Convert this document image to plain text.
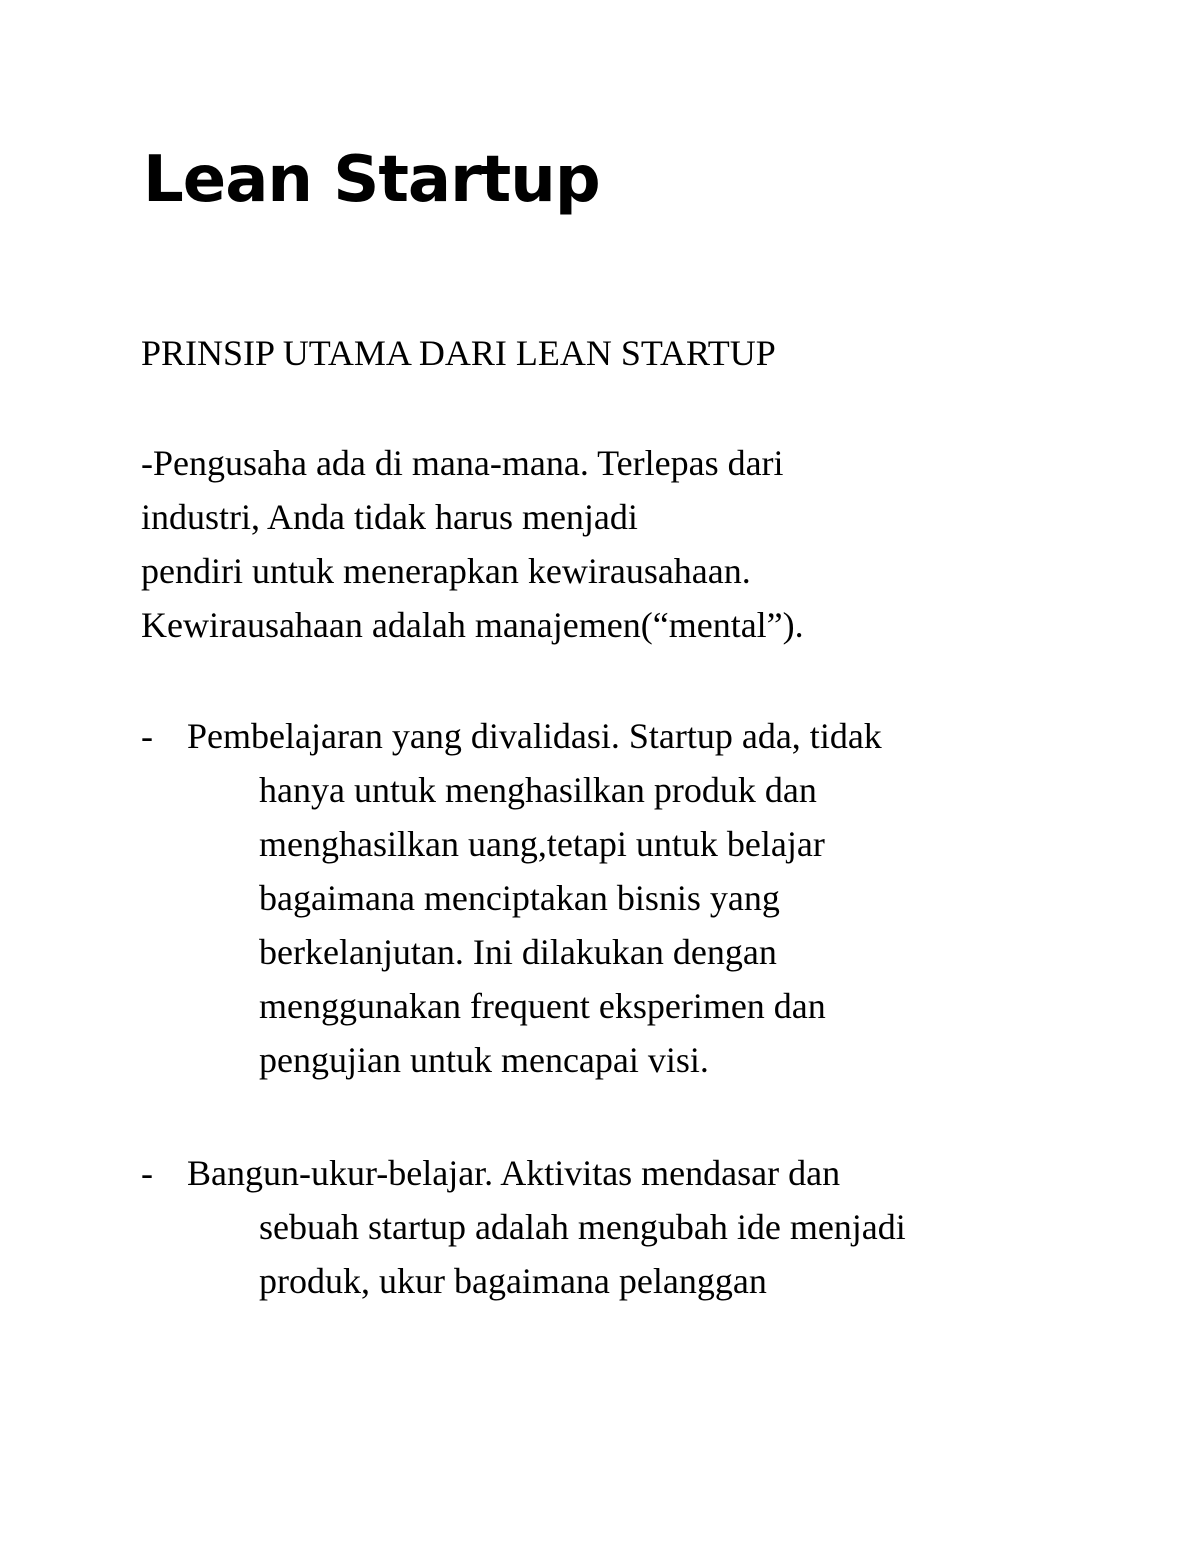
Lean Startup
PRINSIP UTAMA DARI LEAN STARTUP

-Pengusaha ada di mana-mana. Terlepas dari
industri, Anda tidak harus menjadi
pendiri untuk menerapkan kewirausahaan.
Kewirausahaan adalah manajemen(“mental”).

- Pembelajaran yang divalidasi. Startup ada, tidak
hanya untuk menghasilkan produk dan
menghasilkan uang,tetapi untuk belajar
bagaimana menciptakan bisnis yang
berkelanjutan. Ini dilakukan dengan
menggunakan frequent eksperimen dan
pengujian untuk mencapai visi.
- Bangun-ukur-belajar. Aktivitas mendasar dan
sebuah startup adalah mengubah ide menjadi
produk, ukur bagaimana pelanggan
